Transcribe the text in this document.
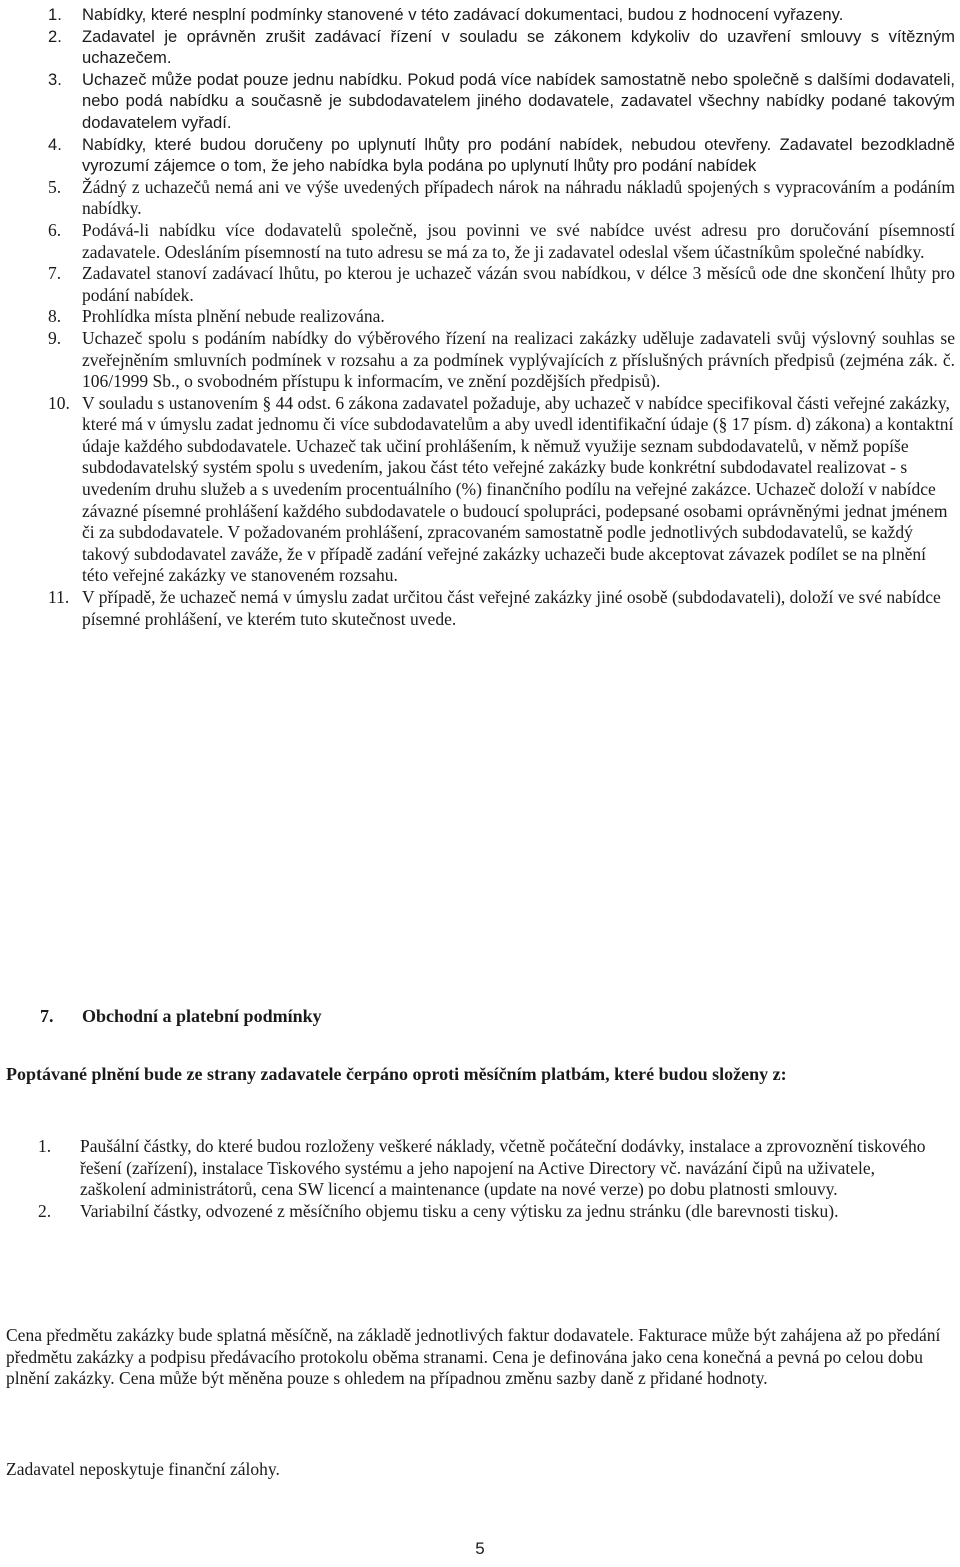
1.	Nabídky, které nesplní podmínky stanovené v této zadávací dokumentaci, budou z hodnocení vyřazeny.
2.	Zadavatel je oprávněn zrušit zadávací řízení v souladu se zákonem kdykoliv do uzavření smlouvy s vítězným uchazečem.
3.	Uchazeč může podat pouze jednu nabídku. Pokud podá více nabídek samostatně nebo společně s dalšími dodavateli, nebo podá nabídku a současně je subdodavatelem jiného dodavatele, zadavatel všechny nabídky podané takovým dodavatelem vyřadí.
4.	Nabídky, které budou doručeny po uplynutí lhůty pro podání nabídek, nebudou otevřeny. Zadavatel bezodkladně vyrozumí zájemce o tom, že jeho nabídka byla podána po uplynutí lhůty pro podání nabídek
5.	Žádný z uchazečů nemá ani ve výše uvedených případech nárok na náhradu nákladů spojených s vypracováním a podáním nabídky.
6.	Podává-li nabídku více dodavatelů společně, jsou povinni ve své nabídce uvést adresu pro doručování písemností zadavatele. Odesláním písemností na tuto adresu se má za to, že ji zadavatel odeslal všem účastníkům společné nabídky.
7.	Zadavatel stanoví zadávací lhůtu, po kterou je uchazeč vázán svou nabídkou, v délce 3 měsíců ode dne skončení lhůty pro podání nabídek.
8.	Prohlídka místa plnění nebude realizována.
9.	Uchazeč spolu s podáním nabídky do výběrového řízení na realizaci zakázky uděluje zadavateli svůj výslovný souhlas se zveřejněním smluvních podmínek v rozsahu a za podmínek vyplývajících z příslušných právních předpisů (zejména zák. č. 106/1999 Sb., o svobodném přístupu k informacím, ve znění pozdějších předpisů).
10. V souladu s ustanovením § 44 odst. 6 zákona zadavatel požaduje, aby uchazeč v nabídce specifikoval části veřejné zakázky, které má v úmyslu zadat jednomu či více subdodavatelům a aby uvedl identifikační údaje (§ 17 písm. d) zákona) a kontaktní údaje každého subdodavatele. Uchazeč tak učiní prohlášením, k němuž využije seznam subdodavatelů, v němž popíše subdodavatelský systém spolu s uvedením, jakou část této veřejné zakázky bude konkrétní subdodavatel realizovat - s uvedením druhu služeb a s uvedením procentuálního (%) finančního podílu na veřejné zakázce. Uchazeč doloží v nabídce závazné písemné prohlášení každého subdodavatele o budoucí spolupráci, podepsané osobami oprávněnými jednat jménem či za subdodavatele. V požadovaném prohlášení, zpracovaném samostatně podle jednotlivých subdodavatelů, se každý takový subdodavatel zaváže, že v případě zadání veřejné zakázky uchazeči bude akceptovat závazek podílet se na plnění této veřejné zakázky ve stanoveném rozsahu.
11. V případě, že uchazeč nemá v úmyslu zadat určitou část veřejné zakázky jiné osobě (subdodavateli), doloží ve své nabídce písemné prohlášení, ve kterém tuto skutečnost uvede.
7. Obchodní a platební podmínky

Poptávané plnění bude ze strany zadavatele čerpáno oproti měsíčním platbám, které budou složeny z:

1.	Paušální částky, do které budou rozloženy veškeré náklady, včetně počáteční dodávky, instalace a zprovoznění tiskového řešení (zařízení), instalace Tiskového systému a jeho napojení na Active Directory vč. navázání čipů na uživatele, zaškolení administrátorů, cena SW licencí a maintenance (update na nové verze) po dobu platnosti smlouvy.
2.	Variabilní částky, odvozené z měsíčního objemu tisku a ceny výtisku za jednu stránku (dle barevnosti tisku).

Cena předmětu zakázky bude splatná měsíčně, na základě jednotlivých faktur dodavatele. Fakturace může být zahájena až po předání předmětu zakázky a podpisu předávacího protokolu oběma stranami. Cena je definována jako cena konečná a pevná po celou dobu plnění zakázky. Cena může být měněna pouze s ohledem na případnou změnu sazby daně z přidané hodnoty.

Zadavatel neposkytuje finanční zálohy.

5
